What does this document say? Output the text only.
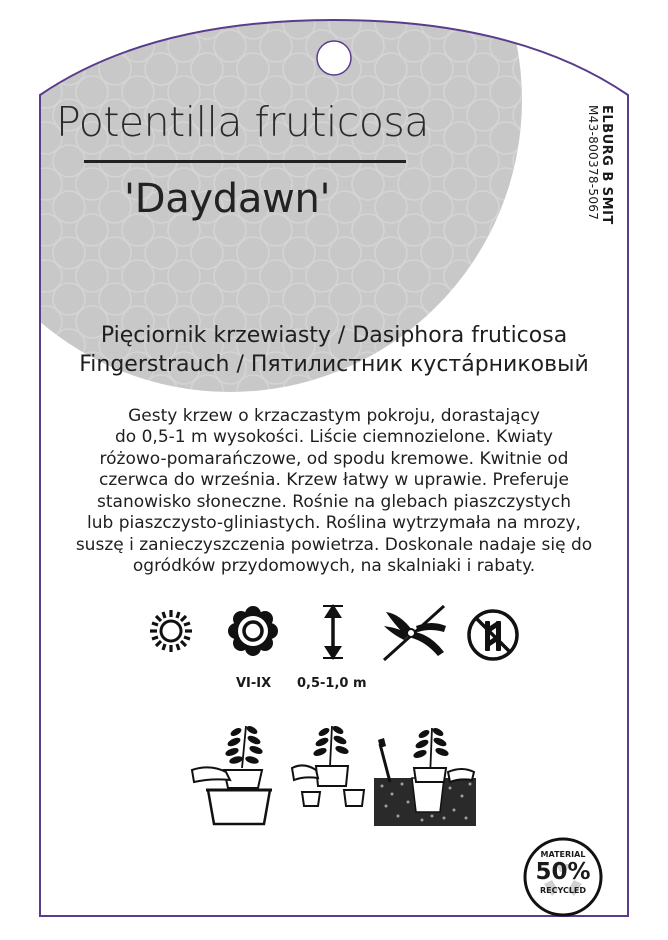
Potentilla fruticosa
'Daydawn'	ELBURG B SMIT
M43-800378-5067
Pięciornik krzewiasty / Dasiphora fruticosa
Fingerstrauch / Пятилистник кустáрниковый
Gesty krzew o krzaczastym pokroju, dorastający
do 0,5-1 m wysokości. Liście ciemnozielone. Kwiaty
różowo-pomarańczowe, od spodu kremowe. Kwitnie od
czerwca do września. Krzew łatwy w uprawie. Preferuje
stanowisko słoneczne. Rośnie na glebach piaszczystych
lub piaszczysto-gliniastych. Roślina wytrzymała na mrozy,
suszę i zanieczyszczenia powietrza. Doskonale nadaje się do
ogródków przydomowych, na skalniaki i rabaty.
VI-IX 0,5-1,0 m
MATERIAL
50%
RECYCLED
